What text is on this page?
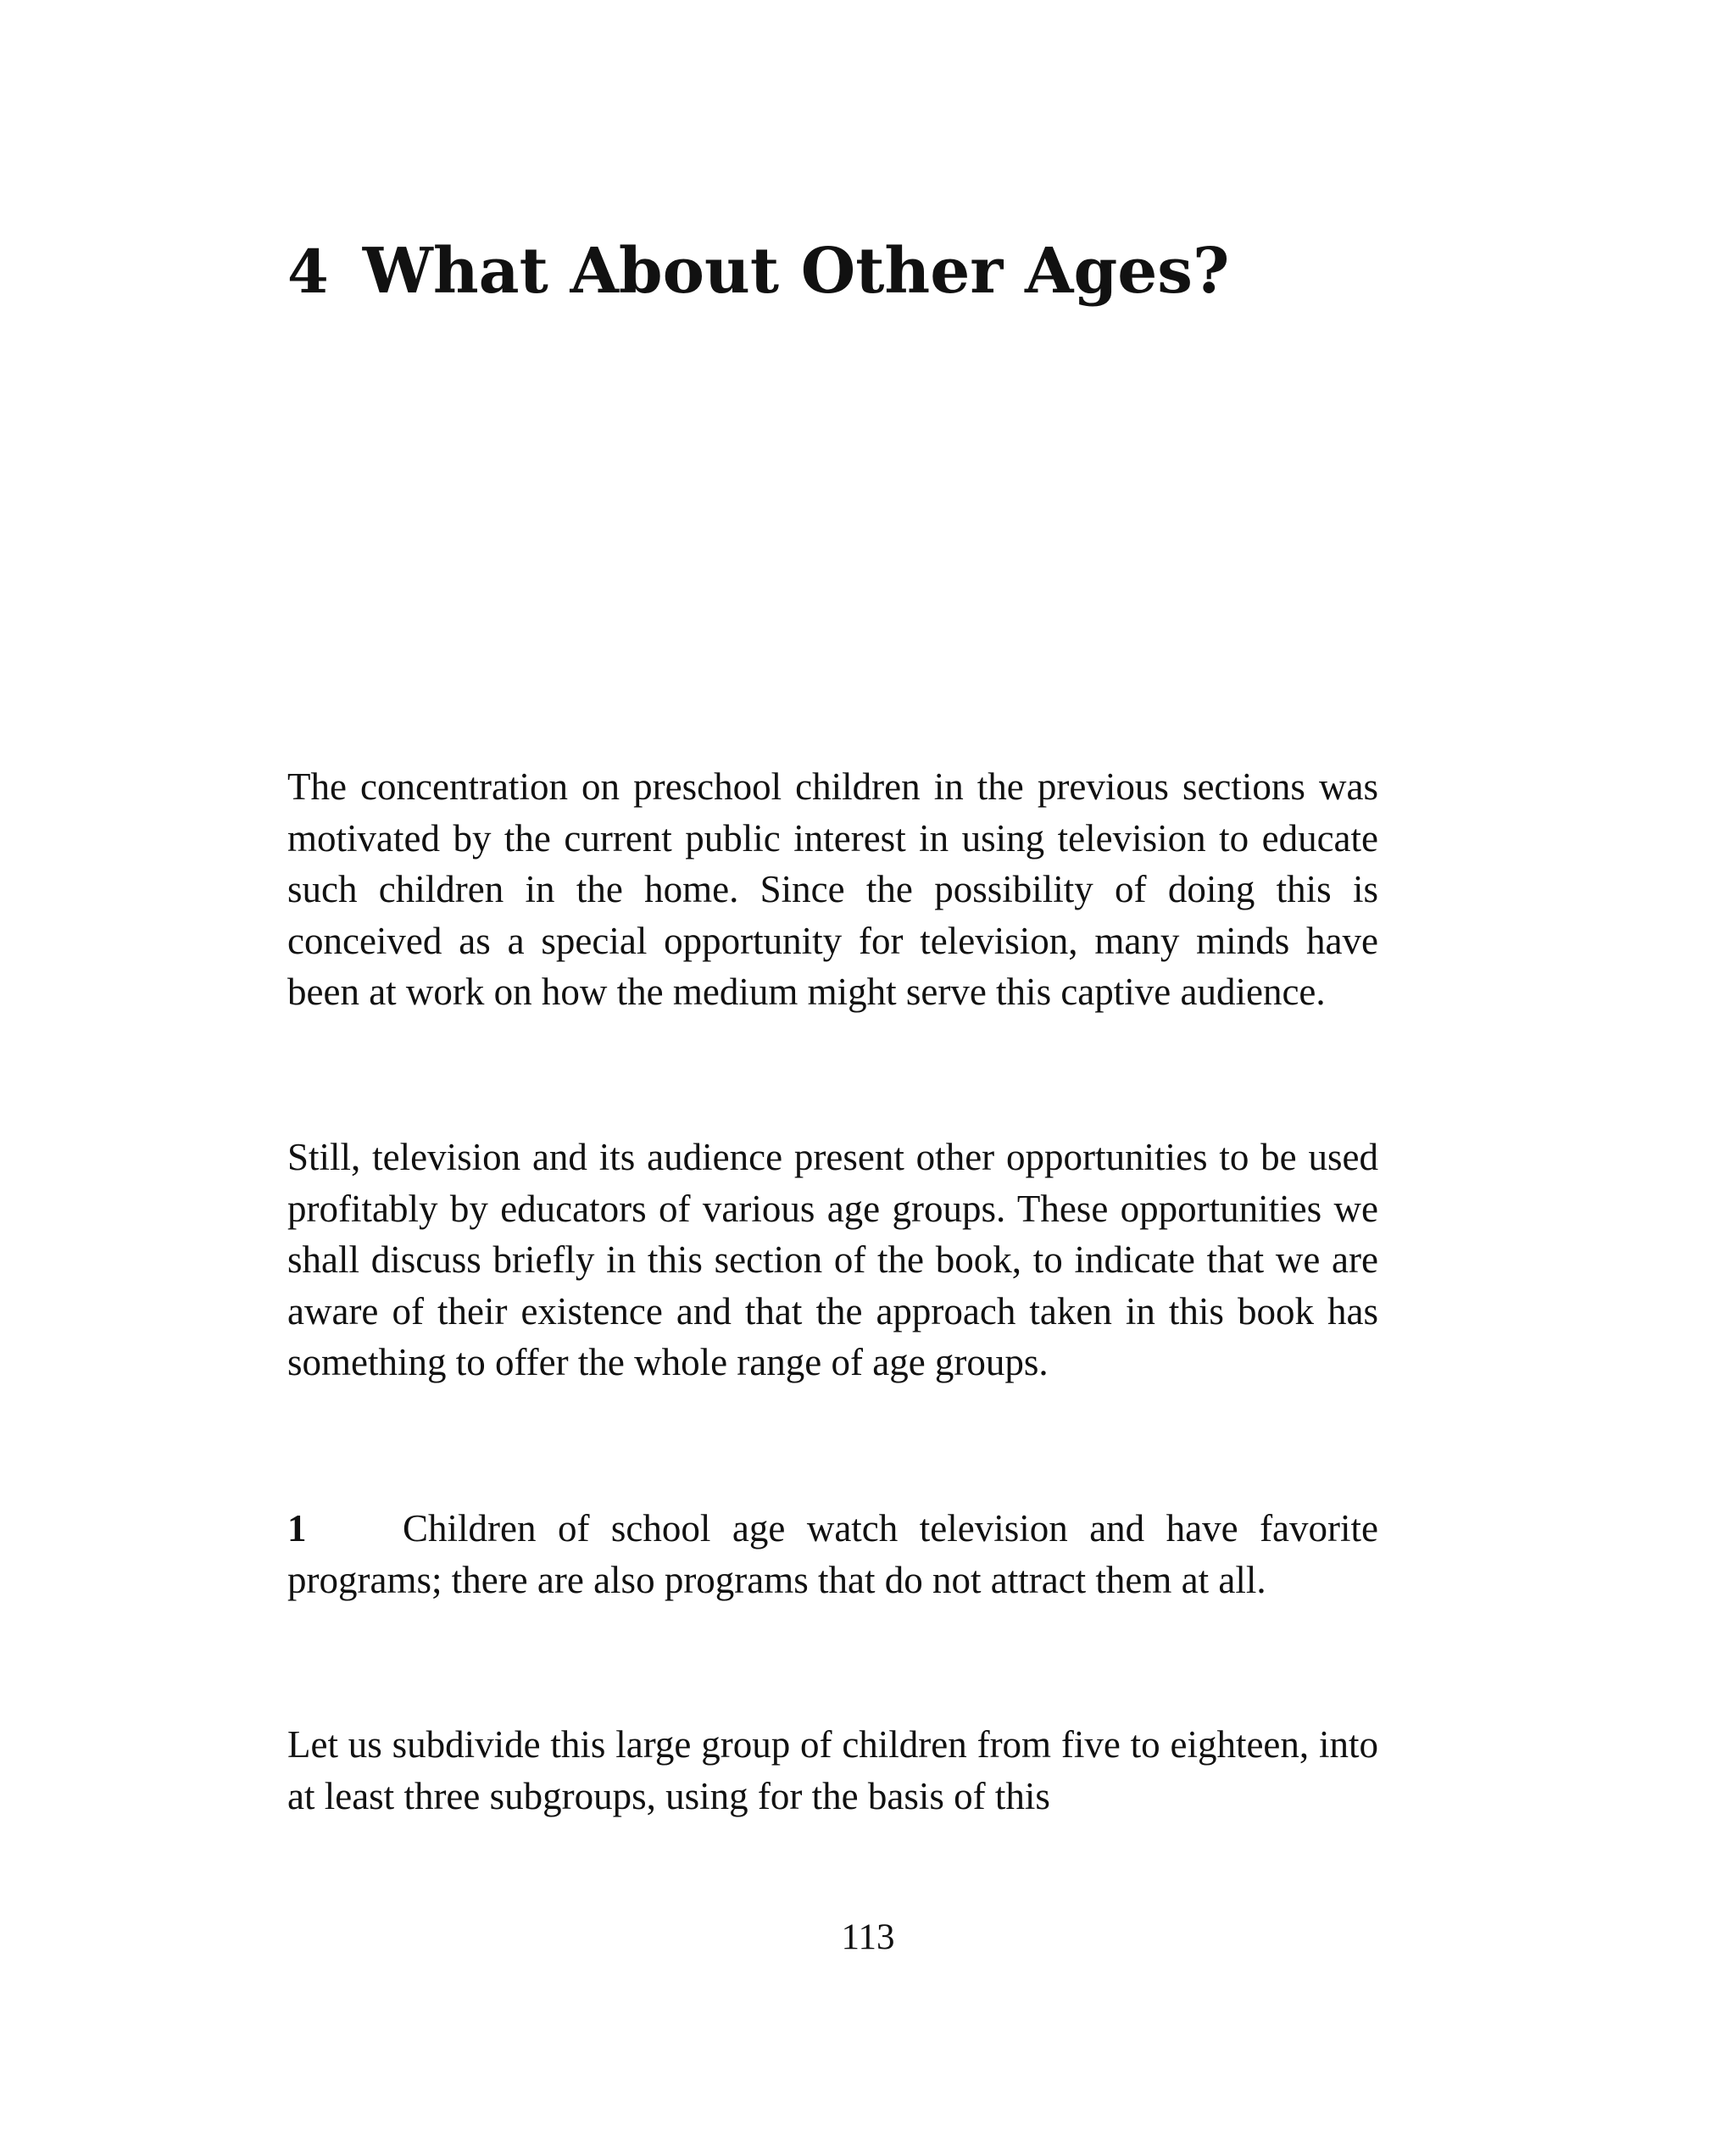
4 What About Other Ages?

The concentration on preschool children in the previous sections was motivated by the current public interest in using television to educate such children in the home. Since the possibility of doing this is conceived as a special opportunity for television, many minds have been at work on how the medium might serve this captive audience.

Still, television and its audience present other opportunities to be used profitably by educators of various age groups. These opportunities we shall discuss briefly in this section of the book, to indicate that we are aware of their existence and that the approach taken in this book has something to offer the whole range of age groups.

1	Children of school age watch television and have favorite programs; there are also programs that do not attract them at all.

Let us subdivide this large group of children from five to eighteen, into at least three subgroups, using for the basis of this

113
